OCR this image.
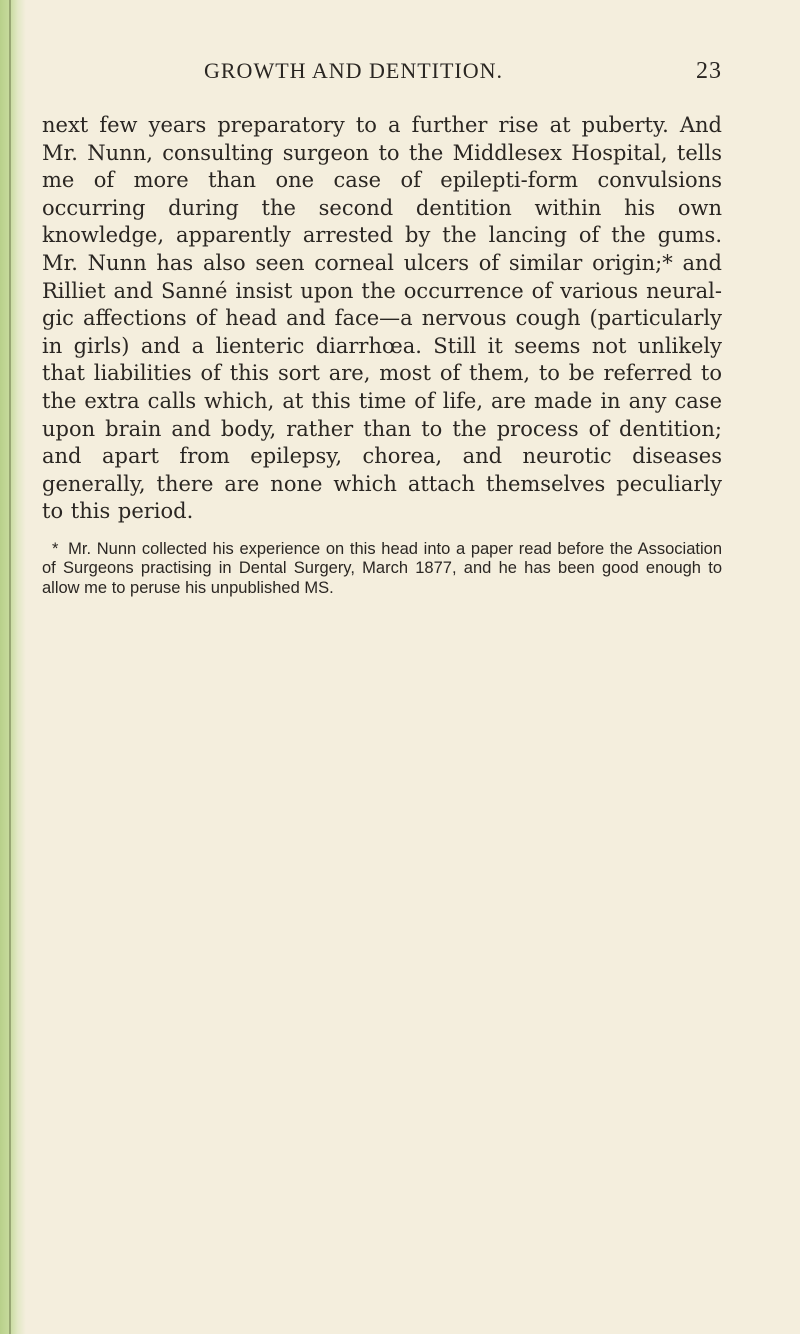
GROWTH AND DENTITION.	23

next few years preparatory to a further rise at puberty. And Mr. Nunn, consulting surgeon to the Middlesex Hospital, tells me of more than one case of epilepti-form convulsions occurring during the second dentition within his own knowledge, apparently arrested by the lancing of the gums. Mr. Nunn has also seen corneal ulcers of similar origin;* and Rilliet and Sanné insist upon the occurrence of various neural-gic affections of head and face—a nervous cough (particularly in girls) and a lienteric diarrhœa. Still it seems not unlikely that liabilities of this sort are, most of them, to be referred to the extra calls which, at this time of life, are made in any case upon brain and body, rather than to the process of dentition; and apart from epilepsy, chorea, and neurotic diseases generally, there are none which attach themselves peculiarly to this period.

* Mr. Nunn collected his experience on this head into a paper read before the Association of Surgeons practising in Dental Surgery, March 1877, and he has been good enough to allow me to peruse his unpublished MS.
